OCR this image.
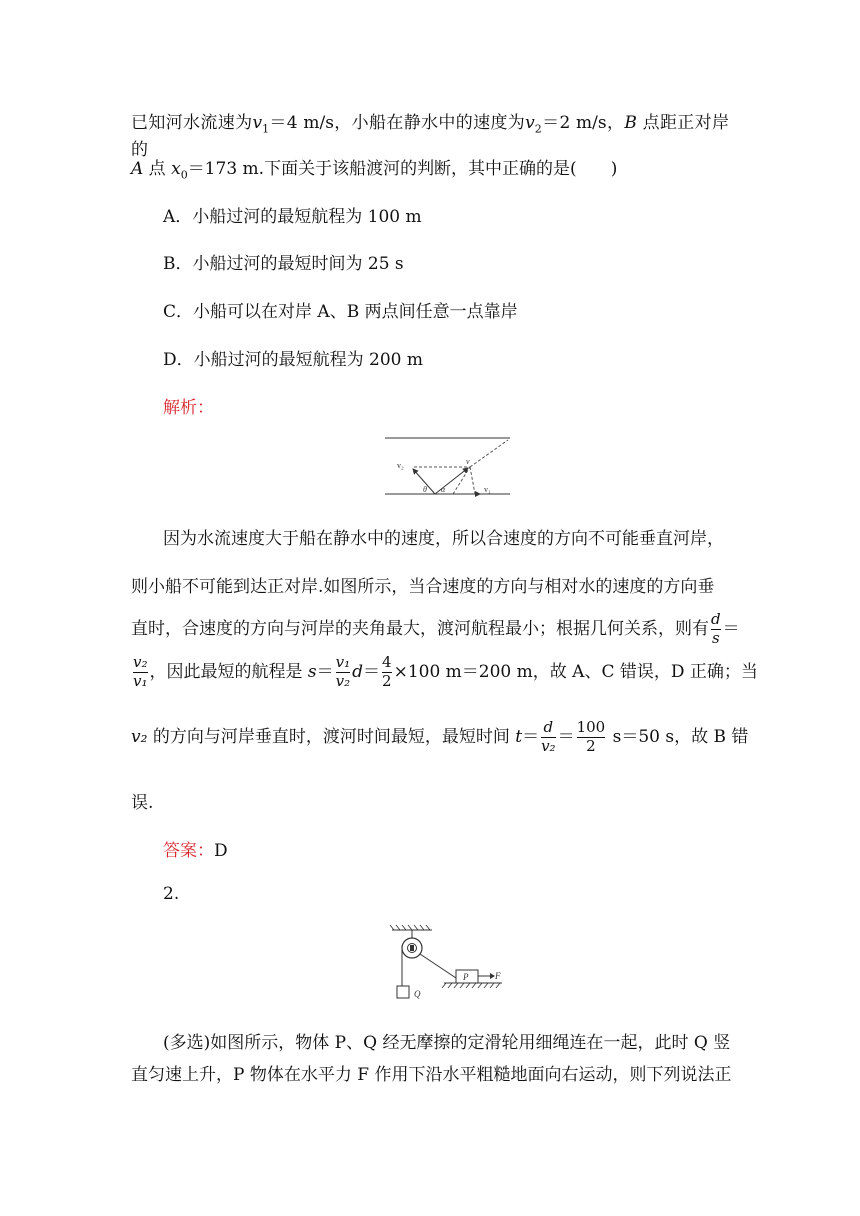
已知河水流速为$v_1=4$ m/s，小船在静水中的速度为$v_2=2$ m/s，B 点距正对岸的
A 点 $x_0=173$ m.下面关于该船渡河的判断，其中正确的是(　　)
A．小船过河的最短航程为 100 m
B．小船过河的最短时间为 25 s
C．小船可以在对岸 A、B 两点间任意一点靠岸
D．小船过河的最短航程为 200 m
解析：
v₂	v
θ α	v₁
因为水流速度大于船在静水中的速度，所以合速度的方向不可能垂直河岸，
则小船不可能到达正对岸.如图所示，当合速度的方向与相对水的速度的方向垂
直时，合速度的方向与河岸的夹角最大，渡河航程最小；根据几何关系，则有 $\frac{d}{s}$ ＝
$\frac{\text{v₂}}{\text{v₁}}$ ，因此最短的航程是 $s= \frac{\text{v₁}}{\text{v₂}} d= \frac{4}{2} \times 100$ m＝200 m，故 A、C 错误，D 正确；当
v₂ 的方向与河岸垂直时，渡河时间最短，最短时间 $t= \frac{d}{\text{v₂}} = \frac{100}{2} s=50$ s，故 B 错
误.
答案：D
2.
Q
P	F
(多选)如图所示，物体 P、Q 经无摩擦的定滑轮用细绳连在一起，此时 Q 竖
直匀速上升，P 物体在水平力 F 作用下沿水平粗糙地面向右运动，则下列说法正
